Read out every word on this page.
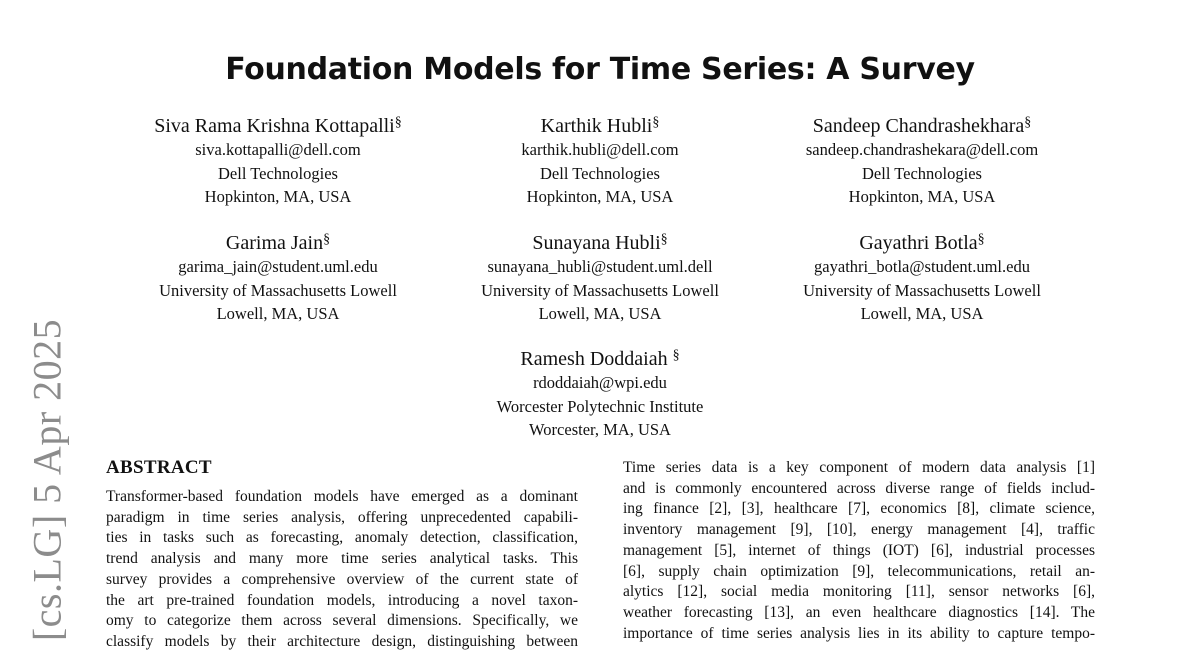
[cs.LG] 5 Apr 2025
Foundation Models for Time Series: A Survey
Siva Rama Krishna Kottapalli§
siva.kottapalli@dell.com
Dell Technologies
Hopkinton, MA, USA
Karthik Hubli§
karthik.hubli@dell.com
Dell Technologies
Hopkinton, MA, USA
Sandeep Chandrashekhara§
sandeep.chandrashekara@dell.com
Dell Technologies
Hopkinton, MA, USA
Garima Jain§
garima_jain@student.uml.edu
University of Massachusetts Lowell
Lowell, MA, USA
Sunayana Hubli§
sunayana_hubli@student.uml.dell
University of Massachusetts Lowell
Lowell, MA, USA
Gayathri Botla§
gayathri_botla@student.uml.edu
University of Massachusetts Lowell
Lowell, MA, USA
Ramesh Doddaiah §
rdoddaiah@wpi.edu
Worcester Polytechnic Institute
Worcester, MA, USA
ABSTRACT
Transformer-based foundation models have emerged as a dominant
paradigm in time series analysis, offering unprecedented capabili-
ties in tasks such as forecasting, anomaly detection, classification,
trend analysis and many more time series analytical tasks. This
survey provides a comprehensive overview of the current state of
the art pre-trained foundation models, introducing a novel taxon-
omy to categorize them across several dimensions. Specifically, we
classify models by their architecture design, distinguishing between
Time series data is a key component of modern data analysis [1]
and is commonly encountered across diverse range of fields includ-
ing finance [2], [3], healthcare [7], economics [8], climate science,
inventory management [9], [10], energy management [4], traffic
management [5], internet of things (IOT) [6], industrial processes
[6], supply chain optimization [9], telecommunications, retail an-
alytics [12], social media monitoring [11], sensor networks [6],
weather forecasting [13], an even healthcare diagnostics [14]. The
importance of time series analysis lies in its ability to capture tempo-
